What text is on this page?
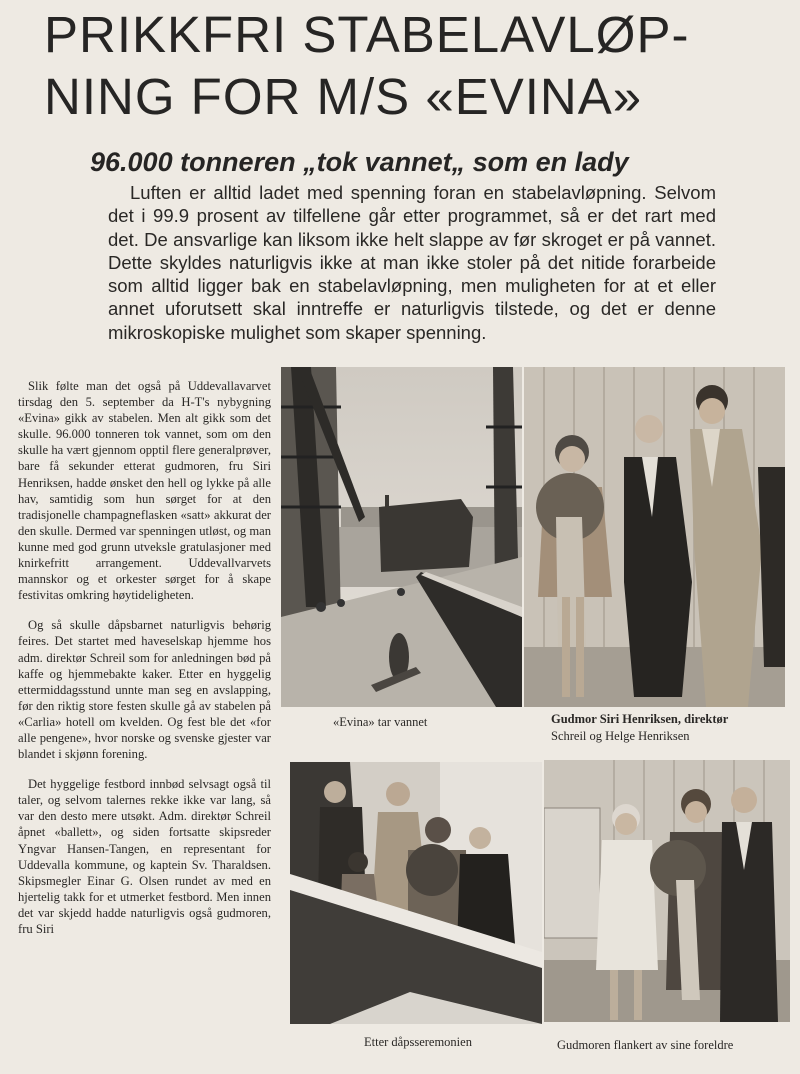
PRIKKFRI STABELAVLØP-
NING FOR M/S «EVINA»
96.000 tonneren „tok vannet„ som en lady

Luften er alltid ladet med spenning foran en stabelavløpning. Selvom det i 99.9 prosent av tilfellene går etter programmet, så er det rart med det. De ansvarlige kan liksom ikke helt slappe av før skroget er på vannet. Dette skyldes naturligvis ikke at man ikke stoler på det nitide forarbeide som alltid ligger bak en stabelavløpning, men muligheten for at et eller annet uforutsett skal inntreffe er naturligvis tilstede, og det er denne mikroskopiske mulighet som skaper spenning.

Slik følte man det også på Uddevallavarvet tirsdag den 5. september da H-T's nybygning «Evina» gikk av stabelen. Men alt gikk som det skulle. 96.000 tonneren tok vannet, som om den skulle ha vært gjennom opptil flere generalprøver, bare få sekunder etterat gudmoren, fru Siri Henriksen, hadde ønsket den hell og lykke på alle hav, samtidig som hun sørget for at den tradisjonelle champagneflasken «satt» akkurat der den skulle. Dermed var spenningen utløst, og man kunne med god grunn utveksle gratulasjoner med knirkefritt arrangement. Uddevallvarvets mannskor og et orkester sørget for å skape festivitas omkring høytideligheten.

Og så skulle dåpsbarnet naturligvis behørig feires. Det startet med haveselskap hjemme hos adm. direktør Schreil som for anledningen bød på kaffe og hjemmebakte kaker. Etter en hyggelig ettermiddagsstund unnte man seg en avslapping, før den riktig store festen skulle gå av stabelen på «Carlia» hotell om kvelden. Og fest ble det «for alle pengene», hvor norske og svenske gjester var blandet i skjønn forening.

Det hyggelige festbord innbød selvsagt også til taler, og selvom talernes rekke ikke var lang, så var den desto mere utsøkt. Adm. direktør Schreil åpnet «ballett», og siden fortsatte skipsreder Yngvar Hansen-Tangen, en representant for Uddevalla kommune, og kaptein Sv. Tharaldsen. Skipsmegler Einar G. Olsen rundet av med en hjertelig takk for et utmerket festbord. Men innen det var skjedd hadde naturligvis også gudmoren, fru Siri

«Evina» tar vannet	Gudmor Siri Henriksen, direktør
Schreil og Helge Henriksen
Etter dåpsseremonien	Gudmoren flankert av sine foreldre
